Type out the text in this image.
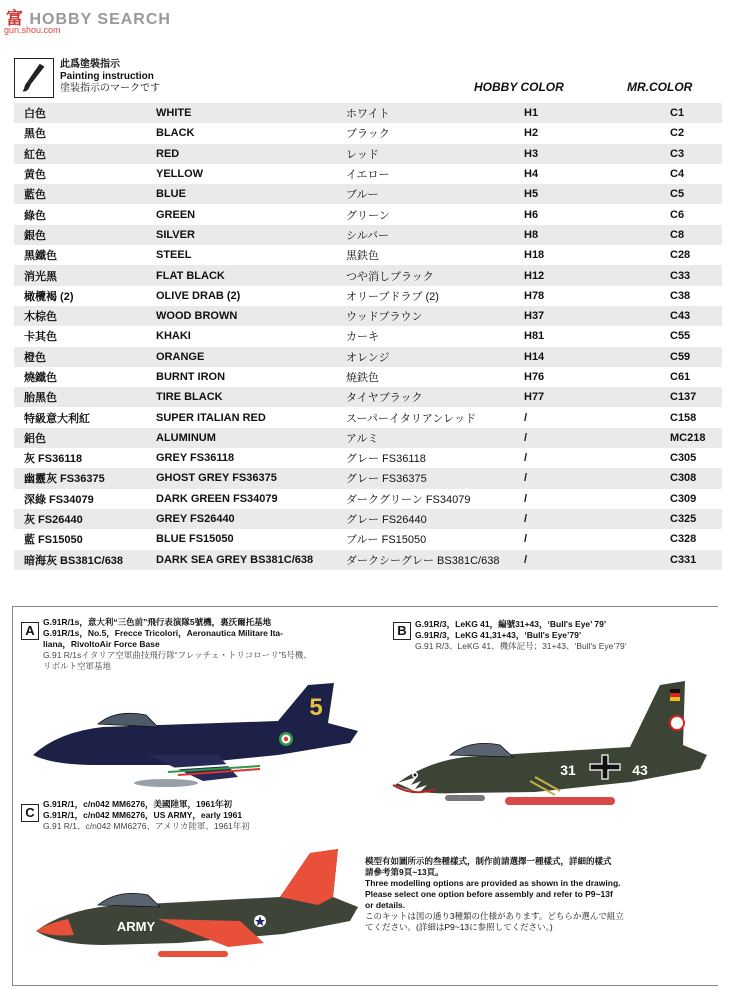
富 HOBBY SEARCH
gun.shou.com
此爲塗裝指示
Painting instruction
塗装指示のマークです	HOBBY COLOR	MR.COLOR
白色	WHITE	ホワイト	H1	C1
黑色	BLACK	ブラック	H2	C2
紅色	RED	レッド	H3	C3
黄色	YELLOW	イエロー	H4	C4
藍色	BLUE	ブルー	H5	C5
綠色	GREEN	グリーン	H6	C6
銀色	SILVER	シルバー	H8	C8
黑鐵色	STEEL	黒鉄色	H18	C28
消光黑	FLAT BLACK	つや消しブラック	H12	C33
橄欖褐 (2)	OLIVE DRAB (2)	オリーブドラブ (2)	H78	C38
木棕色	WOOD BROWN	ウッドブラウン	H37	C43
卡其色	KHAKI	カーキ	H81	C55
橙色	ORANGE	オレンジ	H14	C59
燒鐵色	BURNT IRON	焼鉄色	H76	C61
胎黑色	TIRE BLACK	タイヤブラック	H77	C137
特級意大利紅	SUPER ITALIAN RED	スーパーイタリアンレッド	/	C158
鋁色	ALUMINUM	アルミ	/	MC218
灰 FS36118	GREY FS36118	グレー FS36118	/	C305
幽靈灰 FS36375	GHOST GREY FS36375	グレー FS36375	/	C308
深綠 FS34079	DARK GREEN FS34079	ダークグリーン FS34079	/	C309
灰 FS26440	GREY FS26440	グレー FS26440	/	C325
藍 FS15050	BLUE FS15050	ブルー FS15050	/	C328
暗海灰 BS381C/638	DARK SEA GREY BS381C/638	ダークシーグレー BS381C/638	/	C331
A
G.91R/1s，意大利“三色前”飛行表演隊5號機，裏沃爾托基地
G.91R/1s，No.5，Frecce Tricolori，Aeronautica Militare Ita-
liana，RivoltoAir Force Base
G.91 R/1sイタリア空軍曲技飛行隊“フレッチェ・トリコローリ”5号機、
リボルト空軍基地
5
B G.91R/3，LeKG 41，編號31+43，‘Bull's Eye’ 79’
G.91R/3，LeKG 41,31+43，‘Bull's Eye’79’
G.91 R/3、LeKG 41、機体記号；31+43、‘Bull's Eye’79’
31	43
C
G.91R/1，c/n042 MM6276，美國陸軍，1961年初
G.91R/1，c/n042 MM6276，US ARMY，early 1961
G.91 R/1、c/n042 MM6276、アメリカ陸軍、1961年初
ARMY
模型有如圖所示的叁種樣式，制作前請選擇一種樣式，詳細的樣式
請參考第9頁~13頁。
Three modelling options are provided as shown in the drawing.
Please select one option before assembly and refer to P9~13f
or details.
このキットは図の通り3種類の仕様があります。どちらか選んで組立
てください。(詳細はP9~13に参照してください。)
